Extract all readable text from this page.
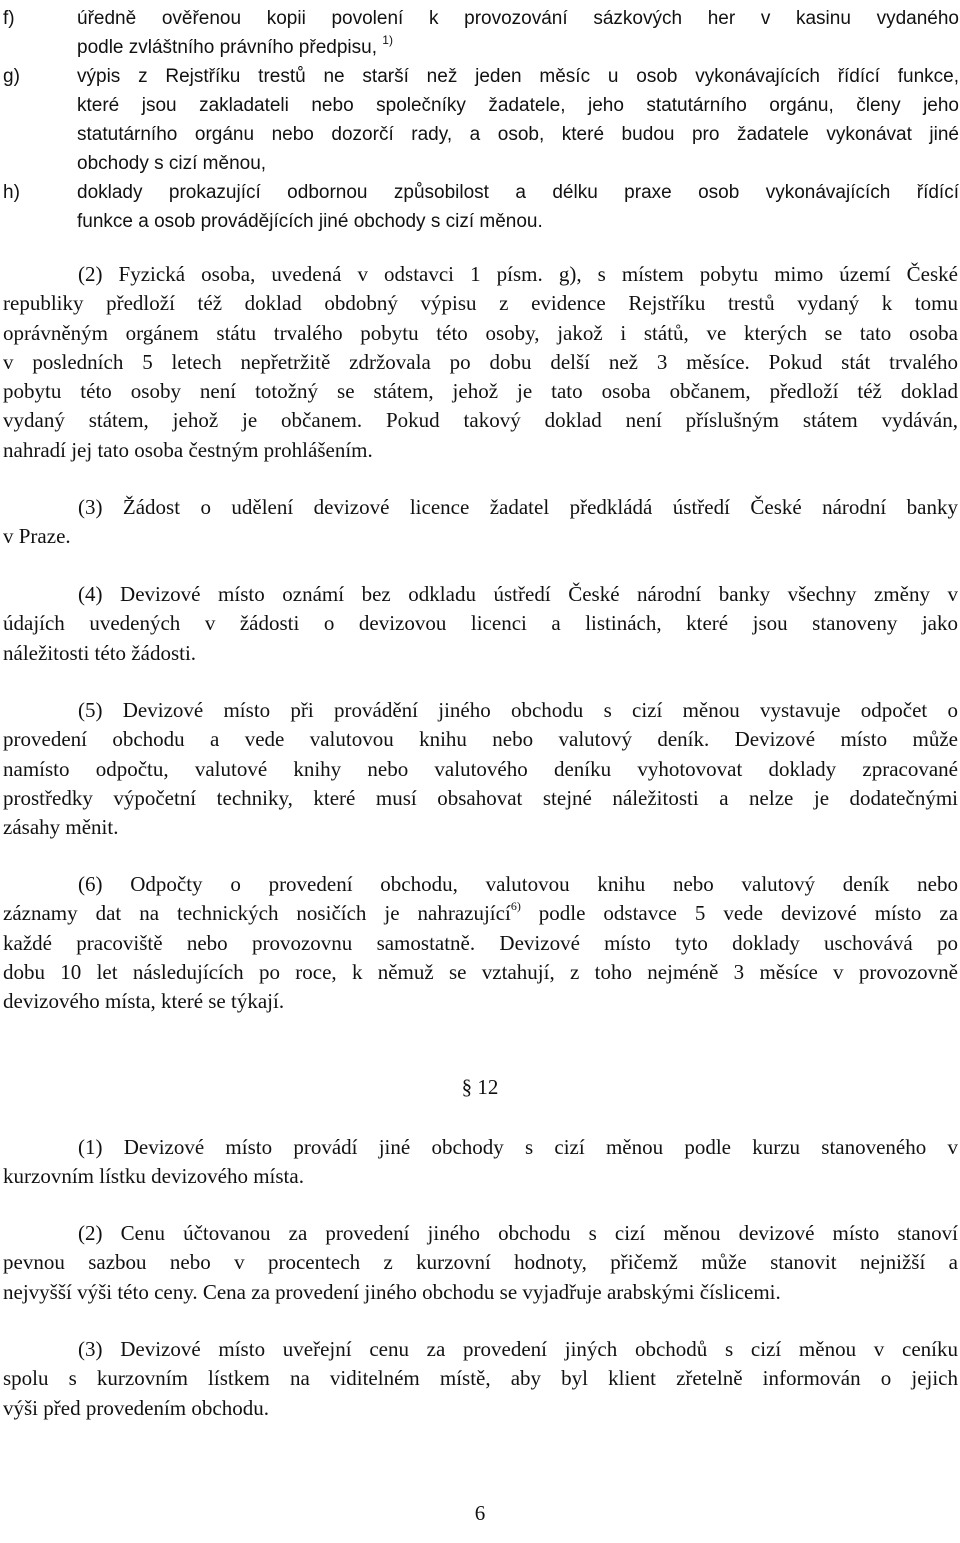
f)	úředně ověřenou kopii povolení k provozování sázkových her v kasinu vydaného
podle zvláštního právního předpisu, $^{1)}$
g)	výpis z Rejstříku trestů ne starší než jeden měsíc u osob vykonávajících řídící funkce,
které jsou zakladateli nebo společníky žadatele, jeho statutárního orgánu, členy jeho
statutárního orgánu nebo dozorčí rady, a osob, které budou pro žadatele vykonávat jiné
obchody s cizí měnou,
h)	doklady prokazující odbornou způsobilost a délku praxe osob vykonávajících řídící
funkce a osob provádějících jiné obchody s cizí měnou.
(2) Fyzická osoba, uvedená v odstavci 1 písm. g), s místem pobytu mimo území České
republiky předloží též doklad obdobný výpisu z evidence Rejstříku trestů vydaný k tomu
oprávněným orgánem státu trvalého pobytu této osoby, jakož i států, ve kterých se tato osoba
v posledních 5 letech nepřetržitě zdržovala po dobu delší než 3 měsíce. Pokud stát trvalého
pobytu této osoby není totožný se státem, jehož je tato osoba občanem, předloží též doklad
vydaný státem, jehož je občanem. Pokud takový doklad není příslušným státem vydáván,
nahradí jej tato osoba čestným prohlášením.
(3) Žádost o udělení devizové licence žadatel předkládá ústředí České národní banky
v Praze.
(4) Devizové místo oznámí bez odkladu ústředí České národní banky všechny změny v
údajích uvedených v žádosti o devizovou licenci a listinách, které jsou stanoveny jako
náležitosti této žádosti.
(5) Devizové místo při provádění jiného obchodu s cizí měnou vystavuje odpočet o
provedení obchodu a vede valutovou knihu nebo valutový deník. Devizové místo může
namísto odpočtu, valutové knihy nebo valutového deníku vyhotovovat doklady zpracované
prostředky výpočetní techniky, které musí obsahovat stejné náležitosti a nelze je dodatečnými
zásahy měnit.
(6) Odpočty o provedení obchodu, valutovou knihu nebo valutový deník nebo
záznamy dat na technických nosičích je nahrazující$^{6)}$ podle odstavce 5 vede devizové místo za
každé pracoviště nebo provozovnu samostatně. Devizové místo tyto doklady uschovává po
dobu 10 let následujících po roce, k němuž se vztahují, z toho nejméně 3 měsíce v provozovně
devizového místa, které se týkají.
§ 12
(1) Devizové místo provádí jiné obchody s cizí měnou podle kurzu stanoveného v
kurzovním lístku devizového místa.
(2) Cenu účtovanou za provedení jiného obchodu s cizí měnou devizové místo stanoví
pevnou sazbou nebo v procentech z kurzovní hodnoty, přičemž může stanovit nejnižší a
nejvyšší výši této ceny. Cena za provedení jiného obchodu se vyjadřuje arabskými číslicemi.
(3) Devizové místo uveřejní cenu za provedení jiných obchodů s cizí měnou v ceníku
spolu s kurzovním lístkem na viditelném místě, aby byl klient zřetelně informován o jejich
výši před provedením obchodu.
6
